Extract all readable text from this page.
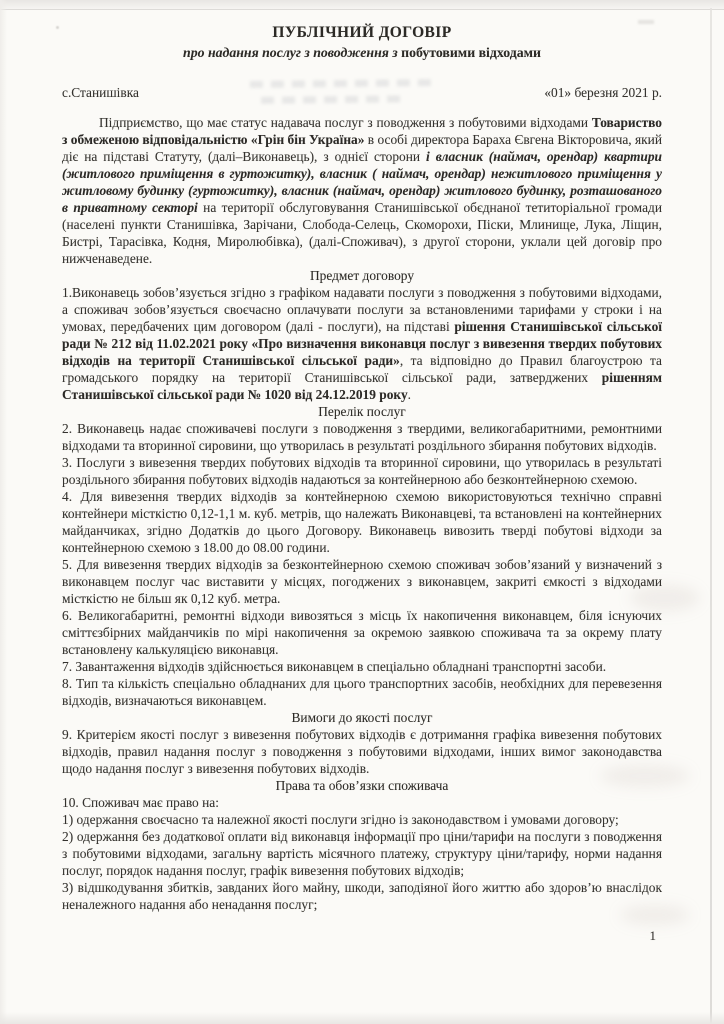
ПУБЛІЧНИЙ ДОГОВІР
про надання послуг з поводження з побутовими відходами
с.Станишівка	«01» березня 2021 р.

Підприємство, що має статус надавача послуг з поводження з побутовими відходами Товариство з обмеженою відповідальністю «Грін бін Україна» в особі директора Бараха Євгена Вікторовича, який діє на підставі Статуту, (далі–Виконавець), з однієї сторони і власник (наймач, орендар) квартири (житлового приміщення в гуртожитку), власник ( наймач, орендар) нежитлового приміщення у житловому будинку (гуртожитку), власник (наймач, орендар) житлового будинку, розташованого в приватному секторі на території обслуговування Станишівської обєднаної тетиторіальної громади (населені пункти Станишівка, Зарічани, Слобода-Селець, Скоморохи, Піски, Млинище, Лука, Ліщин, Бистрі, Тарасівка, Кодня, Миролюбівка), (далі-Споживач), з другої сторони, уклали цей договір про нижченаведене.

Предмет договору

1.Виконавець зобов’язується згідно з графіком надавати послуги з поводження з побутовими відходами, а споживач зобов’язується своєчасно оплачувати послуги за встановленими тарифами у строки і на умовах, передбачених цим договором (далі - послуги), на підставі рішення Станишівської сільської ради № 212 від 11.02.2021 року «Про визначення виконавця послуг з вивезення твердих побутових відходів на території Станишівської сільської ради», та відповідно до Правил благоустрою та громадського порядку на території Станишівської сільської ради, затверджених рішенням Станишівської сільської ради № 1020 від 24.12.2019 року.

Перелік послуг

2. Виконавець надає споживачеві послуги з поводження з твердими, великогабаритними, ремонтними відходами та вторинної сировини, що утворилась в результаті роздільного збирання побутових відходів.

3. Послуги з вивезення твердих побутових відходів та вторинної сировини, що утворилась в результаті роздільного збирання побутових відходів надаються за контейнерною або безконтейнерною схемою.

4. Для вивезення твердих відходів за контейнерною схемою використовуються технічно справні контейнери місткістю 0,12-1,1 м. куб. метрів, що належать Виконавцеві, та встановлені на контейнерних майданчиках, згідно Додатків до цього Договору. Виконавець вивозить тверді побутові відходи за контейнерною схемою з 18.00 до 08.00 години.

5. Для вивезення твердих відходів за безконтейнерною схемою споживач зобов’язаний у визначений з виконавцем послуг час виставити у місцях, погоджених з виконавцем, закриті ємкості з відходами місткістю не більш як 0,12 куб. метра.

6. Великогабаритні, ремонтні відходи вивозяться з місць їх накопичення виконавцем, біля існуючих сміттєзбірних майданчиків по мірі накопичення за окремою заявкою споживача та за окрему плату встановлену калькуляцією виконавця.

7. Завантаження відходів здійснюється виконавцем в спеціально обладнані транспортні засоби.

8. Тип та кількість спеціально обладнаних для цього транспортних засобів, необхідних для перевезення відходів, визначаються виконавцем.

Вимоги до якості послуг

9. Критерієм якості послуг з вивезення побутових відходів є дотримання графіка вивезення побутових відходів, правил надання послуг з поводження з побутовими відходами, інших вимог законодавства щодо надання послуг з вивезення побутових відходів.

Права та обов’язки споживача

10. Споживач має право на:

1) одержання своєчасно та належної якості послуги згідно із законодавством і умовами договору;

2) одержання без додаткової оплати від виконавця інформації про ціни/тарифи на послуги з поводження з побутовими відходами, загальну вартість місячного платежу, структуру ціни/тарифу, норми надання послуг, порядок надання послуг, графік вивезення побутових відходів;

3) відшкодування збитків, завданих його майну, шкоди, заподіяної його життю або здоров’ю внаслідок неналежного надання або ненадання послуг;

1
